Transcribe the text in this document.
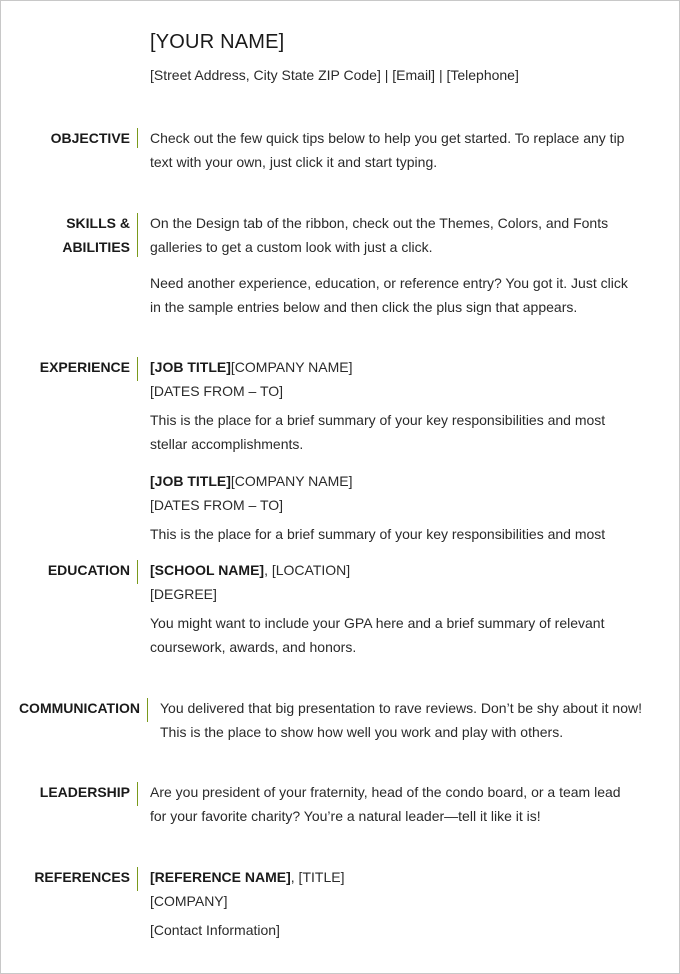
[YOUR NAME]

[Street Address, City State ZIP Code] | [Email] | [Telephone]

OBJECTIVE Check out the few quick tips below to help you get started. To replace any tip
text with your own, just click it and start typing.
SKILLS &
ABILITIES
On the Design tab of the ribbon, check out the Themes, Colors, and Fonts
galleries to get a custom look with just a click.
Need another experience, education, or reference entry? You got it. Just click
in the sample entries below and then click the plus sign that appears.
EXPERIENCE [JOB TITLE][COMPANY NAME]
[DATES FROM – TO]
This is the place for a brief summary of your key responsibilities and most
stellar accomplishments.
[JOB TITLE][COMPANY NAME]
[DATES FROM – TO]
This is the place for a brief summary of your key responsibilities and most
EDUCATION [SCHOOL NAME], [LOCATION]
[DEGREE]
You might want to include your GPA here and a brief summary of relevant
coursework, awards, and honors.
COMMUNICATION You delivered that big presentation to rave reviews. Don’t be shy about it now!
This is the place to show how well you work and play with others.
LEADERSHIP Are you president of your fraternity, head of the condo board, or a team lead
for your favorite charity? You’re a natural leader—tell it like it is!
REFERENCES [REFERENCE NAME], [TITLE]
[COMPANY]
[Contact Information]
